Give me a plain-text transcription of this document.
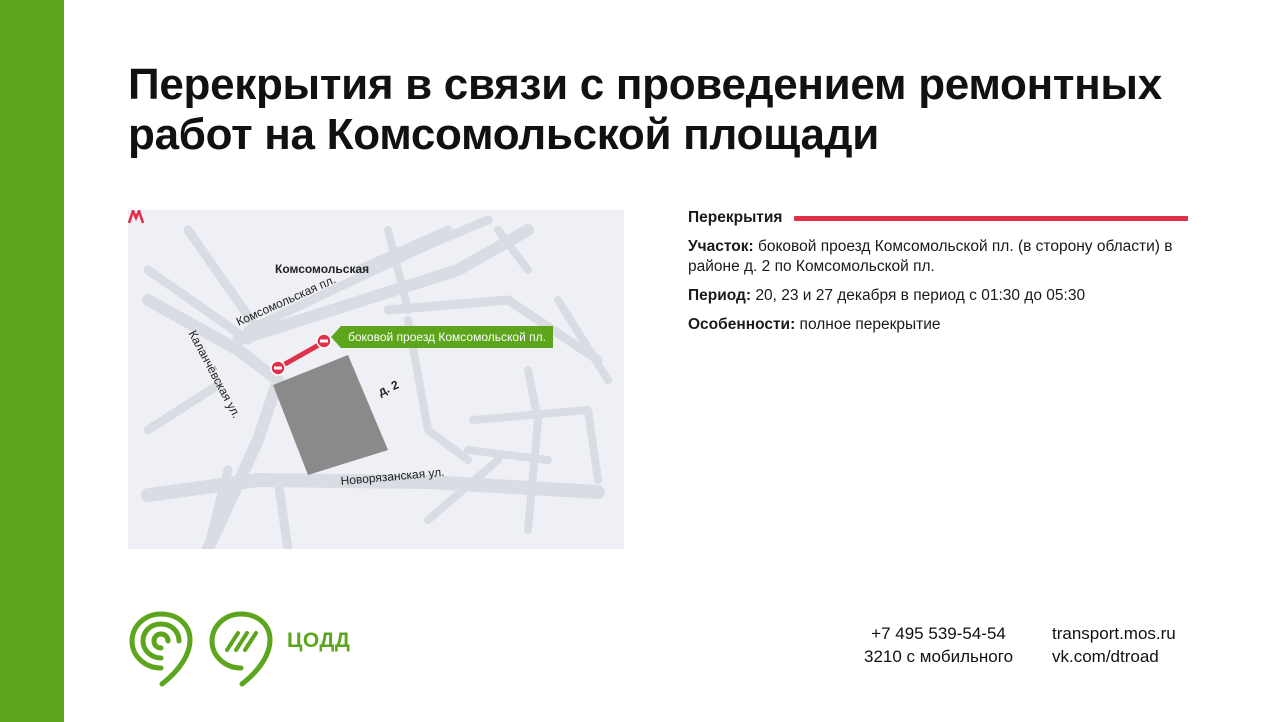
Перекрытия в связи с проведением ремонтных работ на Комсомольской площади
Комсомольская
Комсомольская пл.
Каланчёвская ул.
Новорязанская ул.
д. 2
боковой проезд Комсомольской пл.
Перекрытия

Участок: боковой проезд Комсомольской пл. (в сторону области) в районе д. 2 по Комсомольской пл.

Период: 20, 23 и 27 декабря в период с 01:30 до 05:30

Особенности: полное перекрытие

ЦОДД	+7 495 539-54-54
3210 с мобильного
transport.mos.ru
vk.com/dtroad
